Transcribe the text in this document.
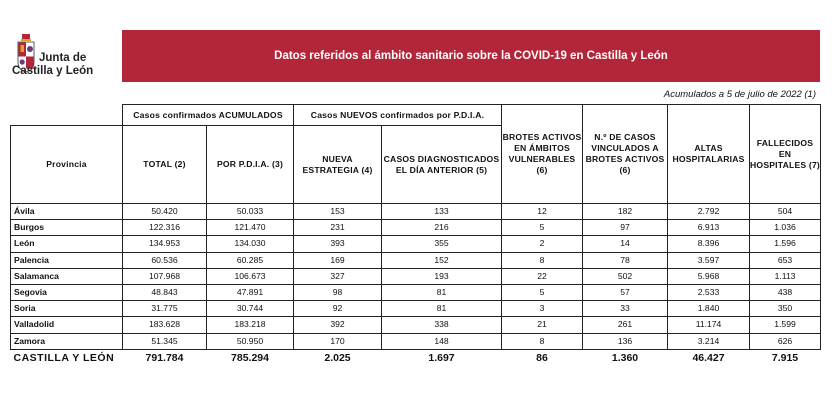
Junta de
Castilla y León
Datos referidos al ámbito sanitario sobre la COVID-19 en Castilla y León
Acumulados a 5 de julio de 2022 (1)
	Casos confirmados ACUMULADOS		Casos NUEVOS confirmados por P.D.I.A.		BROTES ACTIVOS EN ÁMBITOS VULNERABLES (6)	N.º DE CASOS VINCULADOS A BROTES ACTIVOS (6)	ALTAS HOSPITALARIAS	FALLECIDOS EN HOSPITALES (7)
Provincia	TOTAL (2)	POR P.D.I.A. (3)	NUEVA ESTRATEGIA (4)	CASOS DIAGNOSTICADOS EL DÍA ANTERIOR (5)				
Ávila	50.420	50.033	153	133	12	182	2.792	504
Burgos	122.316	121.470	231	216	5	97	6.913	1.036
León	134.953	134.030	393	355	2	14	8.396	1.596
Palencia	60.536	60.285	169	152	8	78	3.597	653
Salamanca	107.968	106.673	327	193	22	502	5.968	1.113
Segovia	48.843	47.891	98	81	5	57	2.533	438
Soria	31.775	30.744	92	81	3	33	1.840	350
Valladolid	183.628	183.218	392	338	21	261	11.174	1.599
Zamora	51.345	50.950	170	148	8	136	3.214	626
CASTILLA Y LEÓN	791.784	785.294	2.025	1.697	86	1.360	46.427	7.915
